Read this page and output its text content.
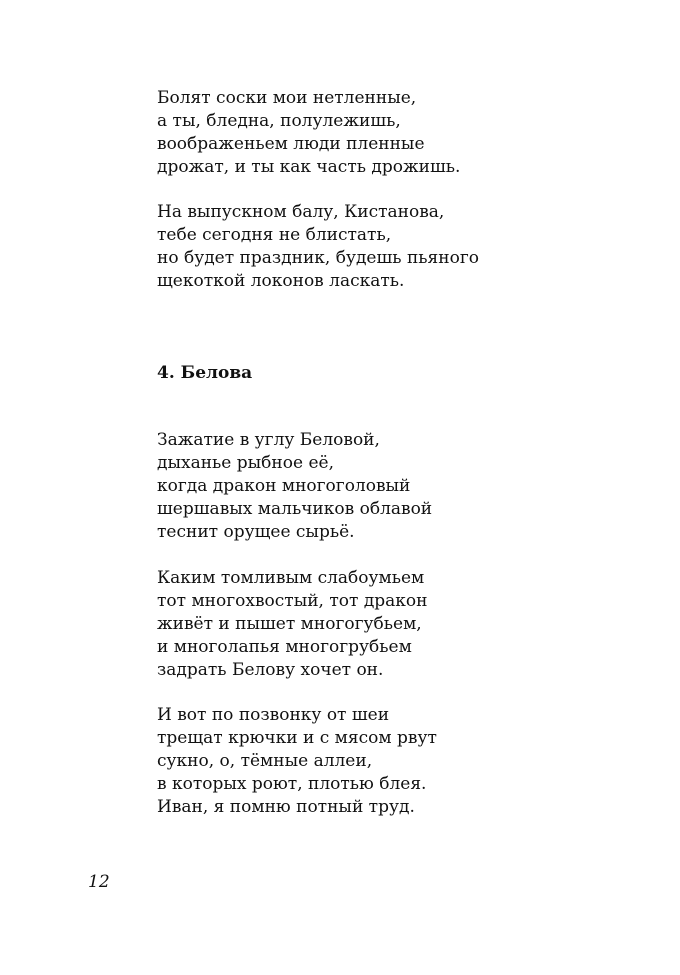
Болят соски мои нетленные,
а ты, бледна, полулежишь,
воображеньем люди пленные
дрожат, и ты как часть дрожишь.
На выпускном балу, Кистанова,
тебе сегодня не блистать,
но будет праздник, будешь пьяного
щекоткой локонов ласкать.
4. Белова
Зажатие в углу Беловой,
дыханье рыбное её,
когда дракон многоголовый
шершавых мальчиков облавой
теснит орущее сырьё.
Каким томливым слабоумьем
тот многохвостый, тот дракон
живёт и пышет многогубьем,
и многолапья многогрубьем
задрать Белову хочет он.
И вот по позвонку от шеи
трещат крючки и с мясом рвут
сукно, о, тёмные аллеи,
в которых роют, плотью блея.
Иван, я помню потный труд.
12
